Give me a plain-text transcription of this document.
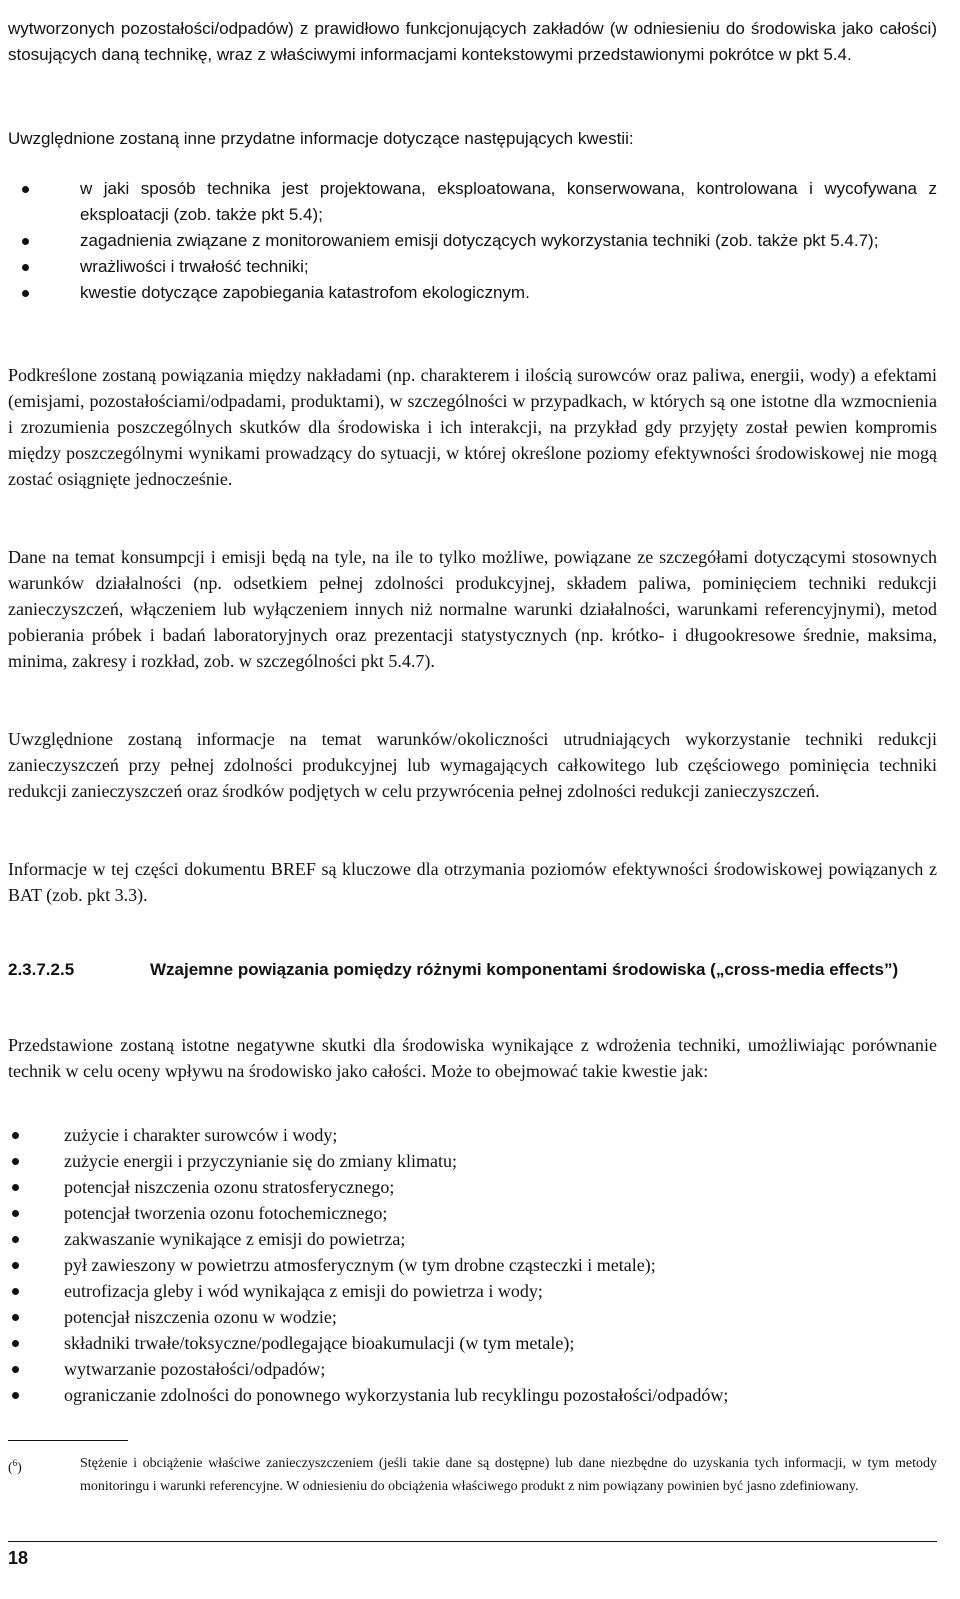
wytworzonych pozostałości/odpadów) z prawidłowo funkcjonujących zakładów (w odniesieniu do środowiska jako całości) stosujących daną technikę, wraz z właściwymi informacjami kontekstowymi przedstawionymi pokrótce w pkt 5.4.

Uwzględnione zostaną inne przydatne informacje dotyczące następujących kwestii:

w jaki sposób technika jest projektowana, eksploatowana, konserwowana, kontrolowana i wycofywana z eksploatacji (zob. także pkt 5.4);
zagadnienia związane z monitorowaniem emisji dotyczących wykorzystania techniki (zob. także pkt 5.4.7);
wrażliwości i trwałość techniki;
kwestie dotyczące zapobiegania katastrofom ekologicznym.

Podkreślone zostaną powiązania między nakładami (np. charakterem i ilością surowców oraz paliwa, energii, wody) a efektami (emisjami, pozostałościami/odpadami, produktami), w szczególności w przypadkach, w których są one istotne dla wzmocnienia i zrozumienia poszczególnych skutków dla środowiska i ich interakcji, na przykład gdy przyjęty został pewien kompromis między poszczególnymi wynikami prowadzący do sytuacji, w której określone poziomy efektywności środowiskowej nie mogą zostać osiągnięte jednocześnie.

Dane na temat konsumpcji i emisji będą na tyle, na ile to tylko możliwe, powiązane ze szczegółami dotyczącymi stosownych warunków działalności (np. odsetkiem pełnej zdolności produkcyjnej, składem paliwa, pominięciem techniki redukcji zanieczyszczeń, włączeniem lub wyłączeniem innych niż normalne warunki działalności, warunkami referencyjnymi), metod pobierania próbek i badań laboratoryjnych oraz prezentacji statystycznych (np. krótko- i długookresowe średnie, maksima, minima, zakresy i rozkład, zob. w szczególności pkt 5.4.7).

Uwzględnione zostaną informacje na temat warunków/okoliczności utrudniających wykorzystanie techniki redukcji zanieczyszczeń przy pełnej zdolności produkcyjnej lub wymagających całkowitego lub częściowego pominięcia techniki redukcji zanieczyszczeń oraz środków podjętych w celu przywrócenia pełnej zdolności redukcji zanieczyszczeń.

Informacje w tej części dokumentu BREF są kluczowe dla otrzymania poziomów efektywności środowiskowej powiązanych z BAT (zob. pkt 3.3).

2.3.7.2.5	Wzajemne powiązania pomiędzy różnymi komponentami środowiska („cross-media effects”)

Przedstawione zostaną istotne negatywne skutki dla środowiska wynikające z wdrożenia techniki, umożliwiając porównanie technik w celu oceny wpływu na środowisko jako całości. Może to obejmować takie kwestie jak:

zużycie i charakter surowców i wody;
zużycie energii i przyczynianie się do zmiany klimatu;
potencjał niszczenia ozonu stratosferycznego;
potencjał tworzenia ozonu fotochemicznego;
zakwaszanie wynikające z emisji do powietrza;
pył zawieszony w powietrzu atmosferycznym (w tym drobne cząsteczki i metale);
eutrofizacja gleby i wód wynikająca z emisji do powietrza i wody;
potencjał niszczenia ozonu w wodzie;
składniki trwałe/toksyczne/podlegające bioakumulacji (w tym metale);
wytwarzanie pozostałości/odpadów;
ograniczanie zdolności do ponownego wykorzystania lub recyklingu pozostałości/odpadów;
($^6$)	Stężenie i obciążenie właściwe zanieczyszczeniem (jeśli takie dane są dostępne) lub dane niezbędne do uzyskania tych informacji, w tym metody monitoringu i warunki referencyjne. W odniesieniu do obciążenia właściwego produkt z nim powiązany powinien być jasno zdefiniowany.
18
